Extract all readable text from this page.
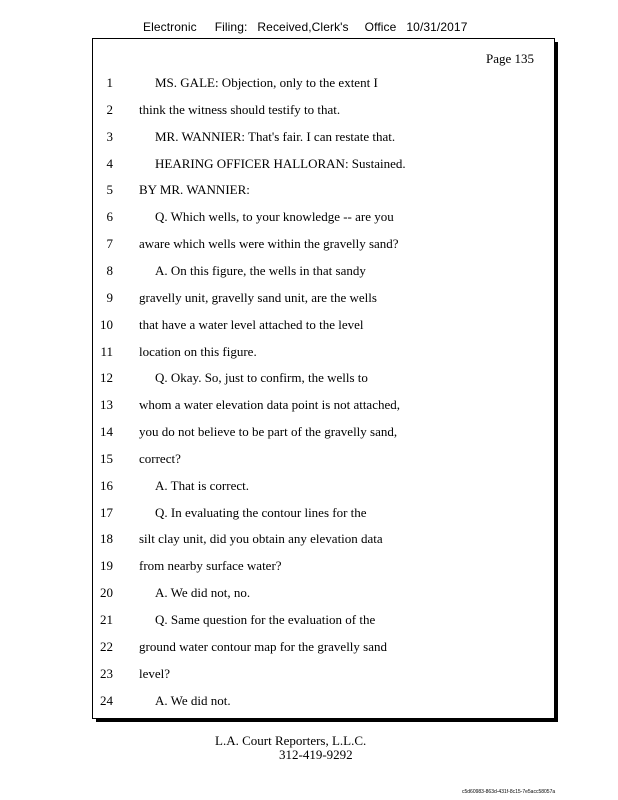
Electronic Filing: Received,Clerk's Office 10/31/2017
Page 135
1	MS. GALE: Objection, only to the extent I
2 think the witness should testify to that.
3	MR. WANNIER: That's fair. I can restate that.
4	HEARING OFFICER HALLORAN: Sustained.
5 BY MR. WANNIER:
6	Q. Which wells, to your knowledge -- are you
7 aware which wells were within the gravelly sand?
8	A. On this figure, the wells in that sandy
9 gravelly unit, gravelly sand unit, are the wells
10 that have a water level attached to the level
11 location on this figure.
12	Q. Okay. So, just to confirm, the wells to
13 whom a water elevation data point is not attached,
14 you do not believe to be part of the gravelly sand,
15 correct?
16	A. That is correct.
17	Q. In evaluating the contour lines for the
18 silt clay unit, did you obtain any elevation data
19 from nearby surface water?
20	A. We did not, no.
21	Q. Same question for the evaluation of the
22 ground water contour map for the gravelly sand
23 level?
24	A. We did not.
L.A. Court Reporters, L.L.C.
312-419-9292
c5d60983-863d-431f-8c15-7e5acc58057a
